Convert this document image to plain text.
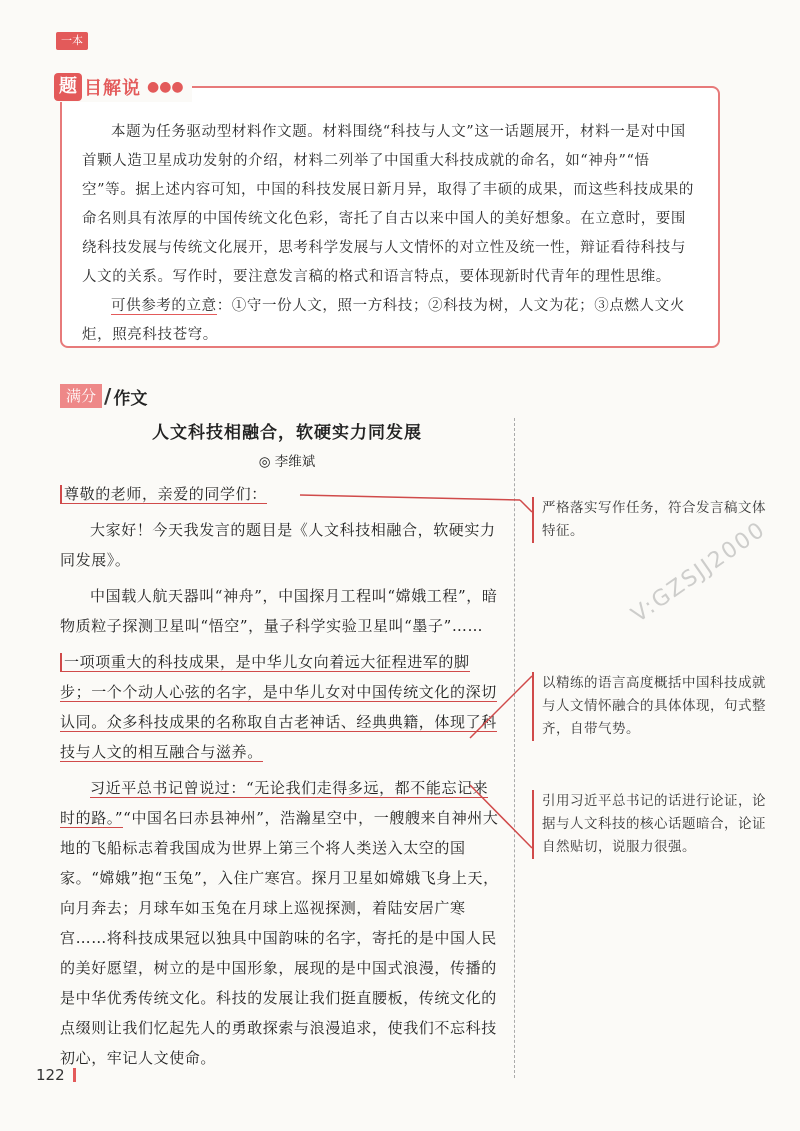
一本
题 目解说 ●●●

本题为任务驱动型材料作文题。材料围绕“科技与人文”这一话题展开，材料一是对中国首颗人造卫星成功发射的介绍，材料二列举了中国重大科技成就的命名，如“神舟”“悟空”等。据上述内容可知，中国的科技发展日新月异，取得了丰硕的成果，而这些科技成果的命名则具有浓厚的中国传统文化色彩，寄托了自古以来中国人的美好想象。在立意时，要围绕科技发展与传统文化展开，思考科学发展与人文情怀的对立性及统一性，辩证看待科技与人文的关系。写作时，要注意发言稿的格式和语言特点，要体现新时代青年的理性思维。

可供参考的立意：①守一份人文，照一方科技；②科技为树，人文为花；③点燃人文火炬，照亮科技苍穹。

满分 / 作文
人文科技相融合，软硬实力同发展
◎ 李维斌

尊敬的老师，亲爱的同学们：

大家好！今天我发言的题目是《人文科技相融合，软硬实力同发展》。

中国载人航天器叫“神舟”，中国探月工程叫“嫦娥工程”，暗物质粒子探测卫星叫“悟空”，量子科学实验卫星叫“墨子”……

一项项重大的科技成果，是中华儿女向着远大征程进军的脚步；一个个动人心弦的名字，是中华儿女对中国传统文化的深切认同。众多科技成果的名称取自古老神话、经典典籍，体现了科技与人文的相互融合与滋养。

习近平总书记曾说过：“无论我们走得多远，都不能忘记来时的路。”“中国名曰赤县神州”，浩瀚星空中，一艘艘来自神州大地的飞船标志着我国成为世界上第三个将人类送入太空的国家。“嫦娥”抱“玉兔”，入住广寒宫。探月卫星如嫦娥飞身上天，向月奔去；月球车如玉兔在月球上巡视探测，着陆安居广寒宫……将科技成果冠以独具中国韵味的名字，寄托的是中国人民的美好愿望，树立的是中国形象，展现的是中国式浪漫，传播的是中华优秀传统文化。科技的发展让我们挺直腰板，传统文化的点缀则让我们忆起先人的勇敢探索与浪漫追求，使我们不忘科技初心，牢记人文使命。

严格落实写作任务，符合发言稿文体特征。
以精练的语言高度概括中国科技成就与人文情怀融合的具体体现，句式整齐，自带气势。
引用习近平总书记的话进行论证，论据与人文科技的核心话题暗合，论证自然贴切，说服力很强。
V:GZSJJ2000
122
